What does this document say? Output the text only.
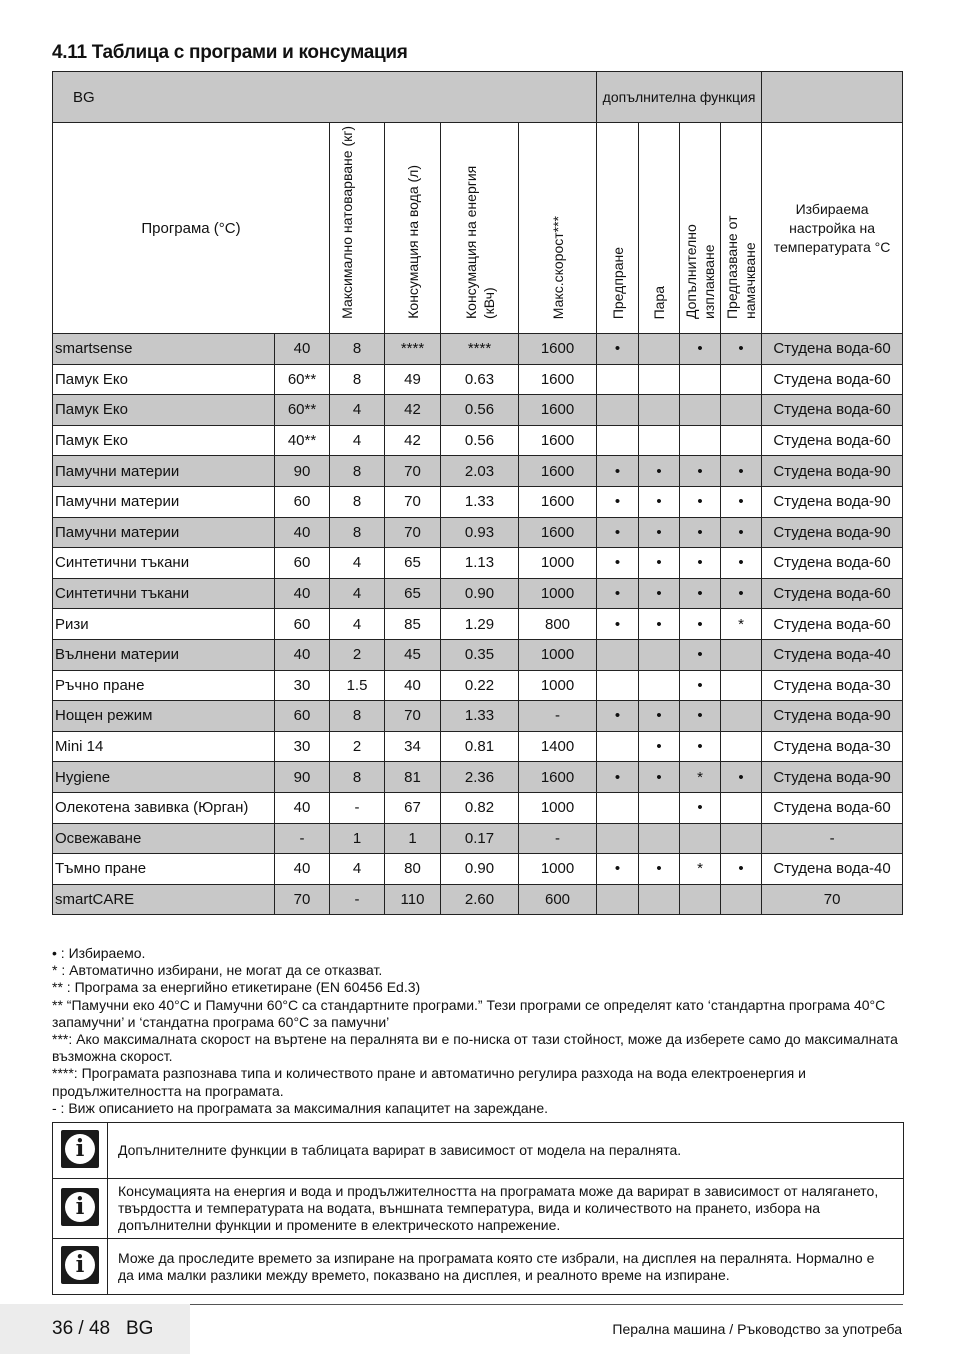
4.11 Таблица с програми и консумация
BG						допълнителна функция				
Програма (°C)		Максимално натоварване (кг)	Консумация на вода (л)	Консумация на енергия (кВч)	Макс.скорост***	Предпране	Пара	Допълнително изплакване	Предпазване от намачкване	Избираема настройка на температурата °C
smartsense	40	8	****	****	1600	•		•	•	Студена вода-60
Памук Еко	60**	8	49	0.63	1600					Студена вода-60
Памук Еко	60**	4	42	0.56	1600					Студена вода-60
Памук Еко	40**	4	42	0.56	1600					Студена вода-60
Памучни материи	90	8	70	2.03	1600	•	•	•	•	Студена вода-90
Памучни материи	60	8	70	1.33	1600	•	•	•	•	Студена вода-90
Памучни материи	40	8	70	0.93	1600	•	•	•	•	Студена вода-90
Синтетични тъкани	60	4	65	1.13	1000	•	•	•	•	Студена вода-60
Синтетични тъкани	40	4	65	0.90	1000	•	•	•	•	Студена вода-60
Ризи	60	4	85	1.29	800	•	•	•	*	Студена вода-60
Вълнени материи	40	2	45	0.35	1000			•		Студена вода-40
Ръчно пране	30	1.5	40	0.22	1000			•		Студена вода-30
Нощен режим	60	8	70	1.33	-	•	•	•		Студена вода-90
Mini 14	30	2	34	0.81	1400		•	•		Студена вода-30
Hygiene	90	8	81	2.36	1600	•	•	*	•	Студена вода-90
Олекотена завивка (Юрган)	40	-	67	0.82	1000			•		Студена вода-60
Освежаване	-	1	1	0.17	-					-
Тъмно пране	40	4	80	0.90	1000	•	•	*	•	Студена вода-40
smartCARE	70	-	110	2.60	600					70
• : Избираемо.
* : Автоматично избирани, не могат да се отказват.
** : Програма за енергийно етикетиране (EN 60456 Ed.3)
** “Памучни еко 40°C и Памучни 60°C са стандартните програми.” Тези програми се определят като ‘стандартна програма 40°C запамучни’ и ‘стандатна програма 60°C за памучни’
***: Ако максималната скорост на въртене на пералнята ви е по-ниска от тази стойност, може да изберете само до максималната възможна скорост.
****: Програмата разпознава типа и количеството пране и автоматично регулира разхода на вода електроенергия и продължителността на програмата.
- : Виж описанието на програмата за максималния капацитет на зареждане.
i	Допълнителните функции в таблицата варират в зависимост от модела на пералнята.

i	Консумацията на енергия и вода и продължителността на програмата може да варират в зависимост от налягането, твърдостта и температурата на водата, външната температура, вида и количеството на прането, избора на допълнителни функции и промените в електрическото напрежение.

i	Може да проследите времето за изпиране на програмата която сте избрали, на дисплея на пералнята. Нормално е да има малки разлики между времето, показвано на дисплея, и реалното време на изпиране.
36 / 48 BG	Перална машина / Ръководство за употреба
